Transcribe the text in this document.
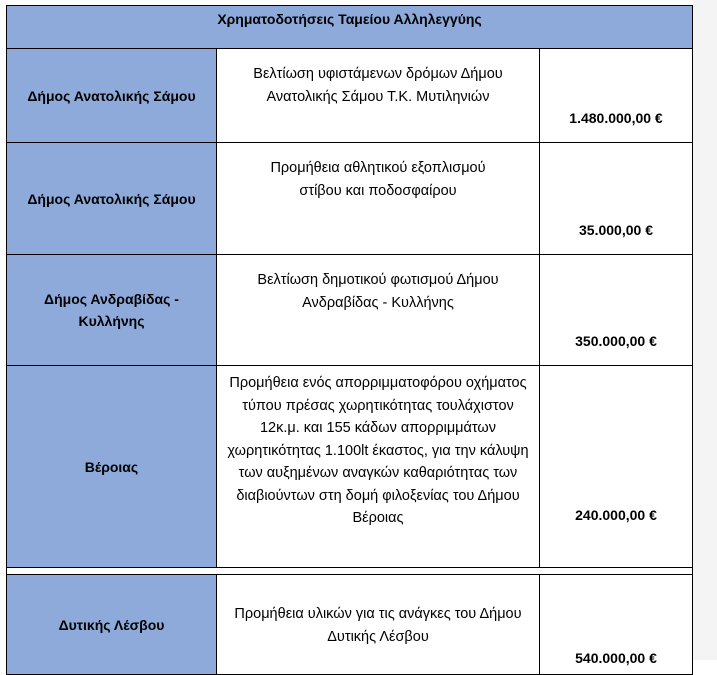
Χρηματοδοτήσεις Ταμείου Αλληλεγγύης		
Δήμος Ανατολικής Σάμου	Βελτίωση υφιστάμενων δρόμων Δήμου Ανατολικής Σάμου Τ.Κ. Μυτιληνιών	1.480.000,00 €
Δήμος Ανατολικής Σάμου	Προμήθεια αθλητικού εξοπλισμού στίβου και ποδοσφαίρου	35.000,00 €
Δήμος Ανδραβίδας - Κυλλήνης	Βελτίωση δημοτικού φωτισμού Δήμου Ανδραβίδας - Κυλλήνης	350.000,00 €
Βέροιας	Προμήθεια ενός απορριμματοφόρου οχήματος τύπου πρέσας χωρητικότητας τουλάχιστον 12κ.μ. και 155 κάδων απορριμμάτων χωρητικότητας 1.100lt έκαστος, για την κάλυψη των αυξημένων αναγκών καθαριότητας των διαβιούντων στη δομή φιλοξενίας του Δήμου Βέροιας	240.000,00 €

Δυτικής Λέσβου	Προμήθεια υλικών για τις ανάγκες του Δήμου Δυτικής Λέσβου	540.000,00 €
